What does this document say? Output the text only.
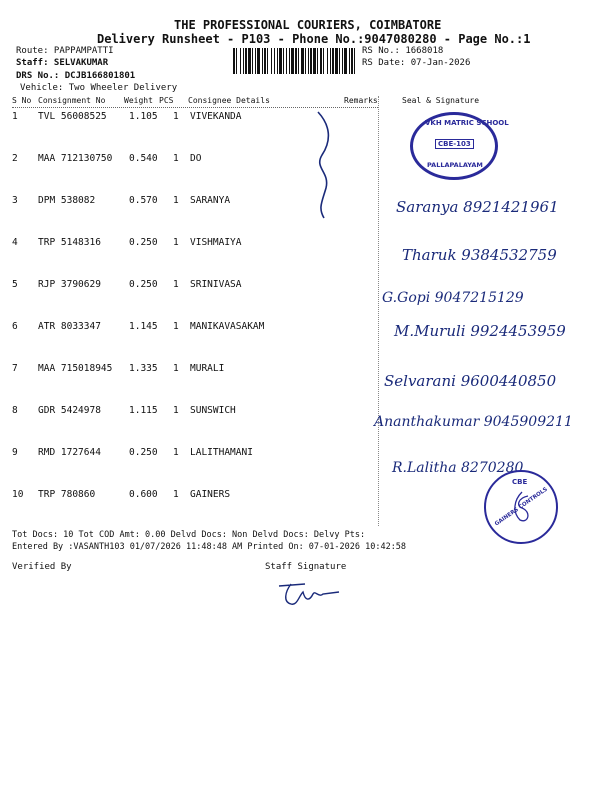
THE PROFESSIONAL COURIERS, COIMBATORE
Delivery Runsheet - P103 - Phone No.:9047080280 - Page No.:1
Route: PAPPAMPATTI
Staff: SELVAKUMAR
DRS No.: DCJB166801801
Vehicle: Two Wheeler Delivery
RS No.: 1668018
RS Date: 07-Jan-2026
S No Consignment No Weight PCS Consignee Details	Remarks	Seal & Signature
1 TVL 56008525 1.105 1 VIVEKANDA
2 MAA 712130750 0.540 1 DO
3 DPM 538082	0.570 1 SARANYA
4 TRP 5148316	0.250 1 VISHMAIYA
5 RJP 3790629	0.250 1 SRINIVASA
6 ATR 8033347	1.145 1 MANIKAVASAKAM
7 MAA 715018945 1.335 1 MURALI
8 GDR 5424978	1.115 1 SUNSWICH
9 RMD 1727644	0.250 1 LALITHAMANI
10 TRP 780860	0.600 1 GAINERS
VKH MATRIC SCHOOL
CBE-103
PALLAPALAYAM
Saranya 8921421961
Tharuk 9384532759
G.Gopi 9047215129
M.Muruli 9924453959
Selvarani 9600440850
Ananthakumar 9045909211
R.Lalitha 8270280
CBE
GAINERS CONTROLS
Tot Docs: 10 Tot COD Amt: 0.00 Delvd Docs: Non Delvd Docs: Delvy Pts:
Entered By :VASANTH103 01/07/2026 11:48:48 AM Printed On: 07-01-2026 10:42:58
Verified By	Staff Signature
